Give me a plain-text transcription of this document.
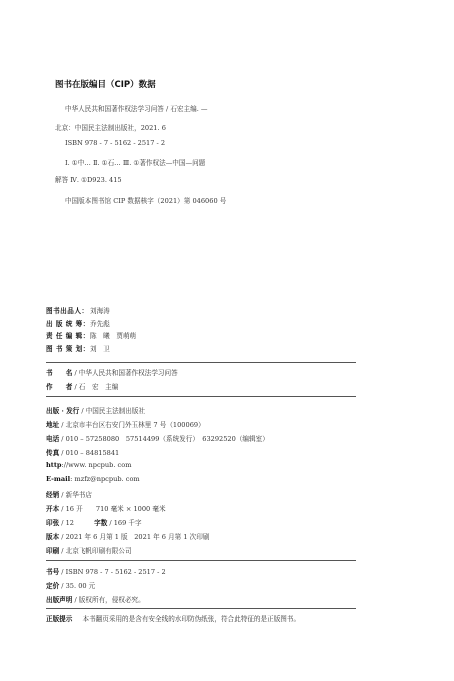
图书在版编目（CIP）数据
中华人民共和国著作权法学习问答 / 石宏主编. —
北京：中国民主法制出版社，2021. 6
ISBN 978 - 7 - 5162 - 2517 - 2
Ⅰ. ①中… Ⅱ. ①石… Ⅲ. ①著作权法—中国—问题
解答 Ⅳ. ①D923. 415
中国版本图书馆 CIP 数据核字（2021）第 046060 号
图书出品人： 刘海涛
出 版 统 筹： 乔先彪
责 任 编 辑： 陈　曦　贾萌萌
图 书 策 划： 刘　卫
书　　名 / 中华人民共和国著作权法学习问答
作　　者 / 石　宏　主编
出版 · 发行 / 中国民主法制出版社
地址 / 北京市丰台区右安门外玉林里 7 号（100069）
电话 / 010 – 57258080　57514499（系统发行）　63292520（编辑室）
传真 / 010 – 84815841
http://www. npcpub. com
E-mail: mzfz@npcpub. com
经销 / 新华书店
开本 / 16 开　　710 毫米 × 1000 毫米
印张 / 12	字数 / 169 千字
版本 / 2021 年 6 月第 1 版　2021 年 6 月第 1 次印刷
印刷 / 北京飞帆印刷有限公司
书号 / ISBN 978 - 7 - 5162 - 2517 - 2
定价 / 35. 00 元
出版声明 / 版权所有，侵权必究。
正版提示 本书翻页采用的是含有安全线的水印防伪纸张，符合此特征的是正版图书。
